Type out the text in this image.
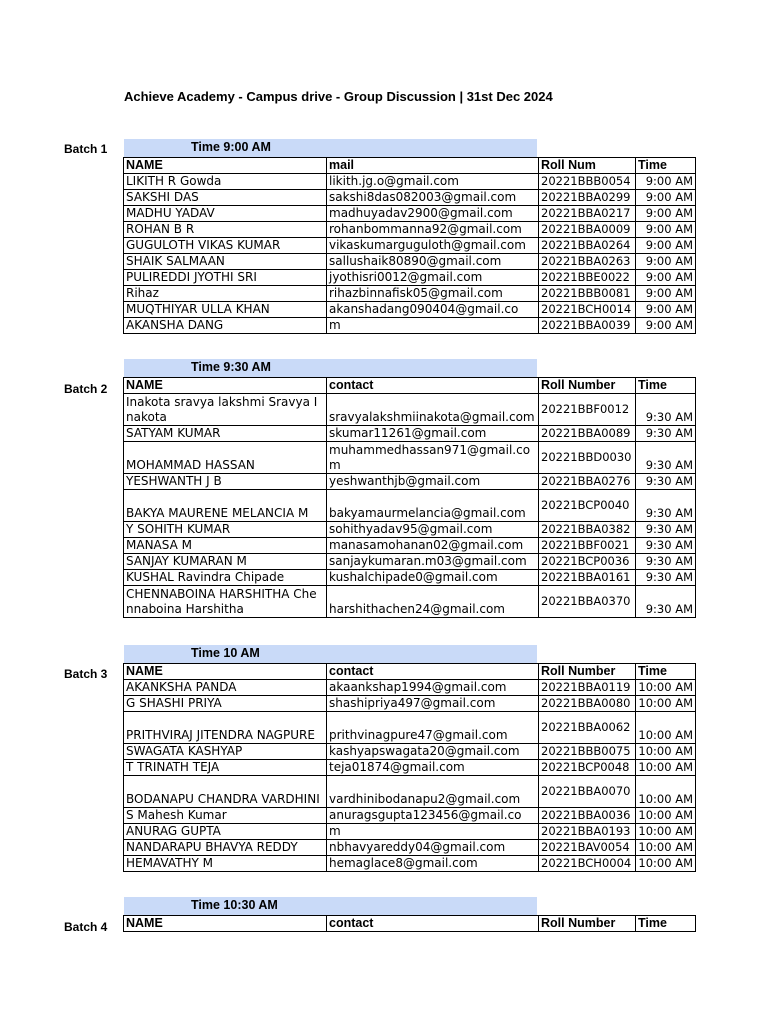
Achieve Academy - Campus drive - Group Discussion | 31st Dec 2024
Time 9:00 AM
Batch 1
NAME	mail	Roll Num	Time
LIKITH R Gowda	likith.jg.o@gmail.com	20221BBB0054	9:00 AM
SAKSHI DAS	sakshi8das082003@gmail.com	20221BBA0299	9:00 AM
MADHU YADAV	madhuyadav2900@gmail.com	20221BBA0217	9:00 AM
ROHAN B R	rohanbommanna92@gmail.com	20221BBA0009	9:00 AM
GUGULOTH VIKAS KUMAR	vikaskumarguguloth@gmail.com	20221BBA0264	9:00 AM
SHAIK SALMAAN	sallushaik80890@gmail.com	20221BBA0263	9:00 AM
PULIREDDI JYOTHI SRI	jyothisri0012@gmail.com	20221BBE0022	9:00 AM
Rihaz	rihazbinnafisk05@gmail.com	20221BBB0081	9:00 AM
MUQTHIYAR ULLA KHAN	akanshadang090404@gmail.co	20221BCH0014	9:00 AM
AKANSHA DANG	m	20221BBA0039	9:00 AM
Time 9:30 AM
Batch 2 NAME	contact	Roll Number	Time
Inakota sravya lakshmi Sravya Inakota	sravyalakshmiinakota@gmail.com	20221BBF0012	9:30 AM
SATYAM KUMAR	skumar11261@gmail.com	20221BBA0089	9:30 AM
MOHAMMAD HASSAN	muhammedhassan971@gmail.com	20221BBD0030	9:30 AM
YESHWANTH J B	yeshwanthjb@gmail.com	20221BBA0276	9:30 AM
BAKYA MAURENE MELANCIA M	bakyamaurmelancia@gmail.com	20221BCP0040	9:30 AM
Y SOHITH KUMAR	sohithyadav95@gmail.com	20221BBA0382	9:30 AM
MANASA M	manasamohanan02@gmail.com	20221BBF0021	9:30 AM
SANJAY KUMARAN M	sanjaykumaran.m03@gmail.com	20221BCP0036	9:30 AM
KUSHAL Ravindra Chipade	kushalchipade0@gmail.com	20221BBA0161	9:30 AM
CHENNABOINA HARSHITHA Chennaboina Harshitha	harshithachen24@gmail.com	20221BBA0370	9:30 AM
Time 10 AM
Batch 3 NAME	contact	Roll Number	Time
AKANKSHA PANDA	akaankshap1994@gmail.com	20221BBA0119	10:00 AM
G SHASHI PRIYA	shashipriya497@gmail.com	20221BBA0080	10:00 AM
PRITHVIRAJ JITENDRA NAGPURE	prithvinagpure47@gmail.com	20221BBA0062	10:00 AM
SWAGATA KASHYAP	kashyapswagata20@gmail.com	20221BBB0075	10:00 AM
T TRINATH TEJA	teja01874@gmail.com	20221BCP0048	10:00 AM
BODANAPU CHANDRA VARDHINI	vardhinibodanapu2@gmail.com	20221BBA0070	10:00 AM
S Mahesh Kumar	anuragsgupta123456@gmail.co	20221BBA0036	10:00 AM
ANURAG GUPTA	m	20221BBA0193	10:00 AM
NANDARAPU BHAVYA REDDY	nbhavyareddy04@gmail.com	20221BAV0054	10:00 AM
HEMAVATHY M	hemaglace8@gmail.com	20221BCH0004	10:00 AM
Time 10:30 AM
Batch 4 NAME	contact	Roll Number	Time
